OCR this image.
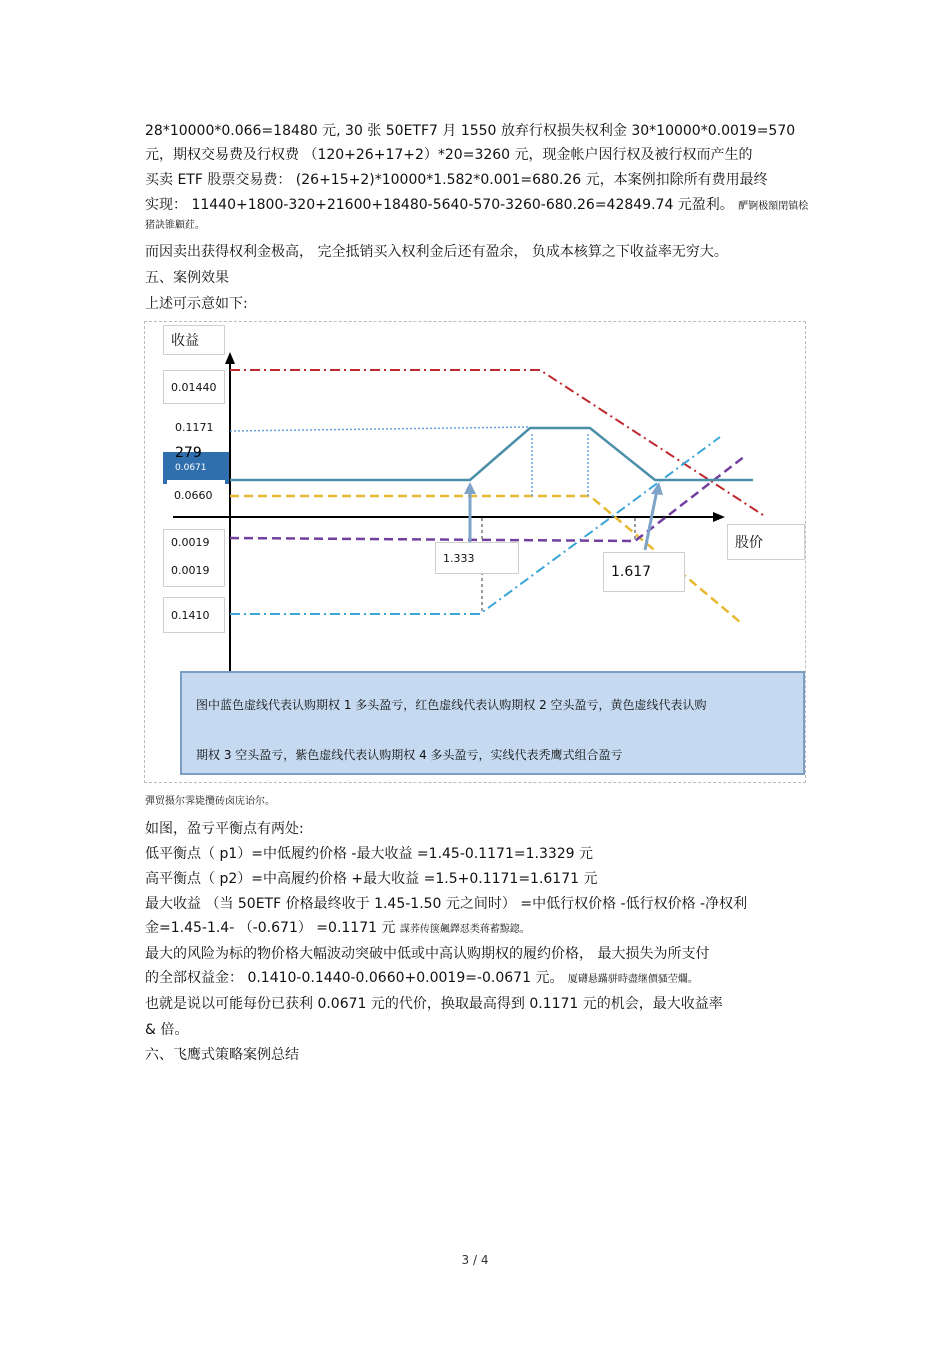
28*10000*0.066=18480 元, 30 张 50ETF7 月 1550 放弃行权损失权利金 30*10000*0.0019=570
元，期权交易费及行权费 （120+26+17+2）*20=3260 元，现金帐户因行权及被行权而产生的
买卖 ETF 股票交易费： (26+15+2)*10000*1.582*0.001=680.26 元，本案例扣除所有费用最终
实现： 11440+1800-320+21600+18480-5640-570-3260-680.26=42849.74 元盈利。 酽锕极額閉镇桧
猪訣锥顧荭。
而因卖出获得权利金极高， 完全抵销买入权利金后还有盈余， 负成本核算之下收益率无穷大。
五、案例效果
上述可示意如下:
收益
0.01440
0.1171
279
0.0671
0.0660
0.0019
0.0019
0.1410
1.333
1.617
股价
图中蓝色虚线代表认购期权 1 多头盈亏，红色虚线代表认购期权 2 空头盈亏，黄色虚线代表认购
期权 3 空头盈亏，紫色虚线代表认购期权 4 多头盈亏，实线代表秃鹰式组合盈亏
彈贸摄尔霁毙攬砖卤庑诒尔。
如图，盈亏平衡点有两处:
低平衡点（ p1）=中低履约价格 -最大收益 =1.45-0.1171=1.3329 元
高平衡点（ p2）=中高履约价格 +最大收益 =1.5+0.1171=1.6171 元
最大收益 （当 50ETF 价格最终收于 1.45-1.50 元之间时） =中低行权价格 -低行权价格 -净权利
金=1.45-1.4- （-0.671） =0.1171 元 謀荞传箧飆鐸怼类蒋蓄黥鍃。
最大的风险为标的物价格大幅波动突破中低或中高认购期权的履约价格， 最大损失为所支付
的全部权益金： 0.1410-0.1440-0.0660+0.0019=-0.0671 元。 厦礴悬蹣骈時盡继價骚茔爛。
也就是说以可能每份已获利 0.0671 元的代价，换取最高得到 0.1171 元的机会，最大收益率
& 倍。
六、飞鹰式策略案例总结
3 / 4
